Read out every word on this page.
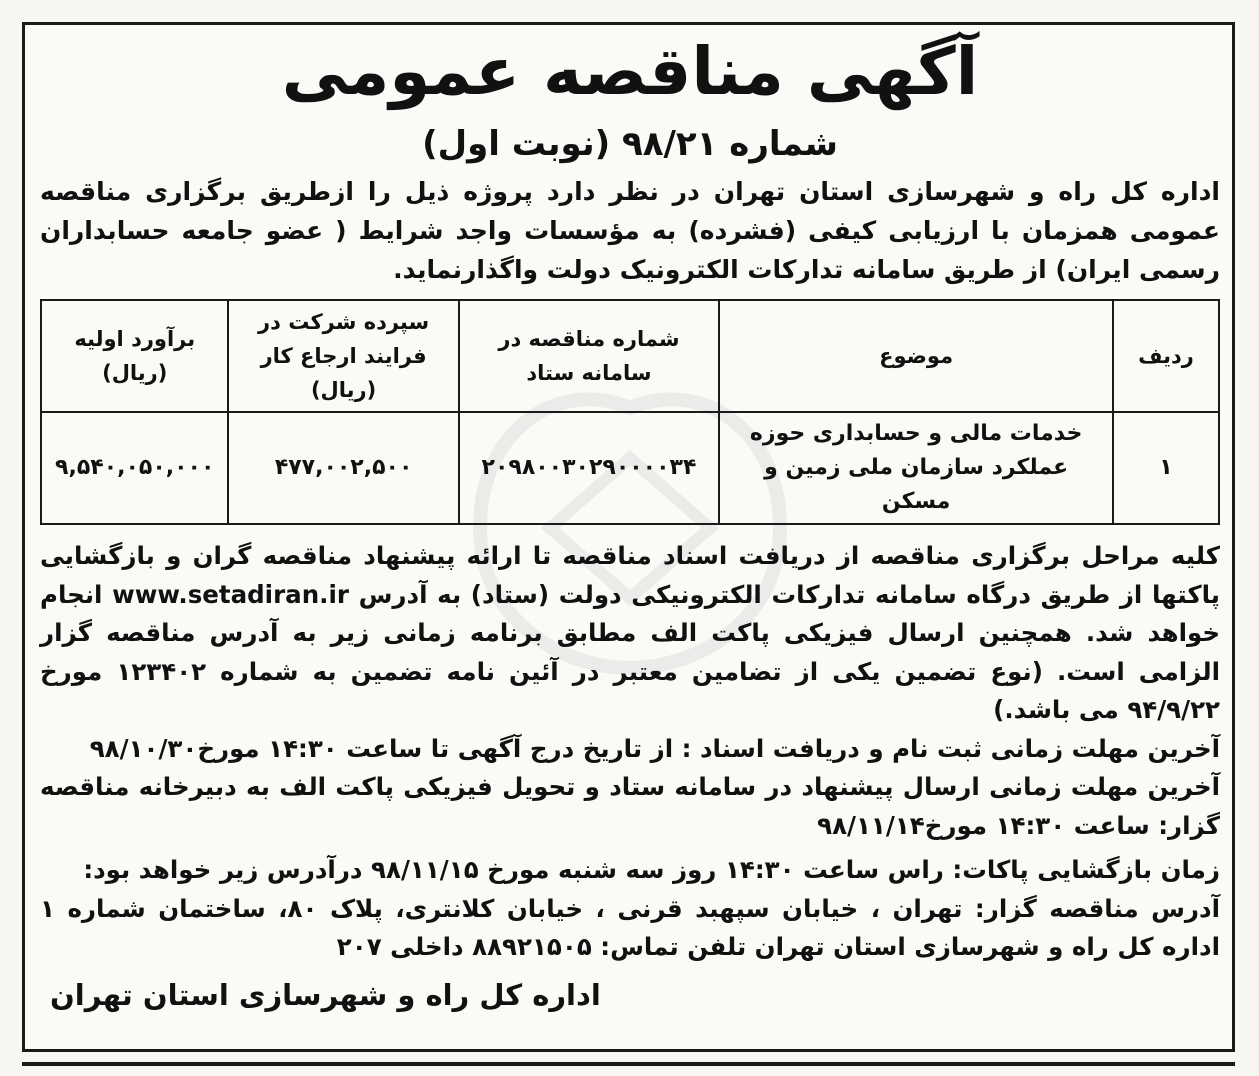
آگهی مناقصه عمومی
شماره ۹۸/۲۱ (نوبت اول)

اداره کل راه و شهرسازی استان تهران در نظر دارد پروژه ذیل را ازطریق برگزاری مناقصه عمومی همزمان با ارزیابی کیفی (فشرده) به مؤسسات واجد شرایط ( عضو جامعه حسابداران رسمی ایران) از طریق سامانه تدارکات الکترونیک دولت واگذارنماید.

ردیف	موضوع	شماره مناقصه در سامانه ستاد	سپرده شرکت در فرایند ارجاع کار (ریال)	برآورد اولیه (ریال)
۱	خدمات مالی و حسابداری حوزه عملکرد سازمان ملی زمین و مسکن	۲۰۹۸۰۰۳۰۲۹۰۰۰۰۳۴	۴۷۷,۰۰۲,۵۰۰	۹,۵۴۰,۰۵۰,۰۰۰

کلیه مراحل برگزاری مناقصه از دریافت اسناد مناقصه تا ارائه پیشنهاد مناقصه گران و بازگشایی پاکتها از طریق درگاه سامانه تدارکات الکترونیکی دولت (ستاد) به آدرس www.setadiran.ir انجام خواهد شد. همچنین ارسال فیزیکی پاکت الف مطابق برنامه زمانی زیر به آدرس مناقصه گزار الزامی است. (نوع تضمین یکی از تضامین معتبر در آئین نامه تضمین به شماره ۱۲۳۴۰۲ مورخ ۹۴/۹/۲۲ می باشد.)

آخرین مهلت زمانی ثبت نام و دریافت اسناد : از تاریخ درج آگهی تا ساعت ۱۴:۳۰ مورخ۹۸/۱۰/۳۰

آخرین مهلت زمانی ارسال پیشنهاد در سامانه ستاد و تحویل فیزیکی پاکت الف به دبیرخانه مناقصه گزار: ساعت ۱۴:۳۰ مورخ۹۸/۱۱/۱۴

زمان بازگشایی پاکات: راس ساعت ۱۴:۳۰ روز سه شنبه مورخ ۹۸/۱۱/۱۵ درآدرس زیر خواهد بود:

آدرس مناقصه گزار: تهران ، خیابان سپهبد قرنی ، خیابان کلانتری، پلاک ۸۰، ساختمان شماره ۱ اداره کل راه و شهرسازی استان تهران تلفن تماس: ۸۸۹۲۱۵۰۵ داخلی ۲۰۷

اداره کل راه و شهرسازی استان تهران
